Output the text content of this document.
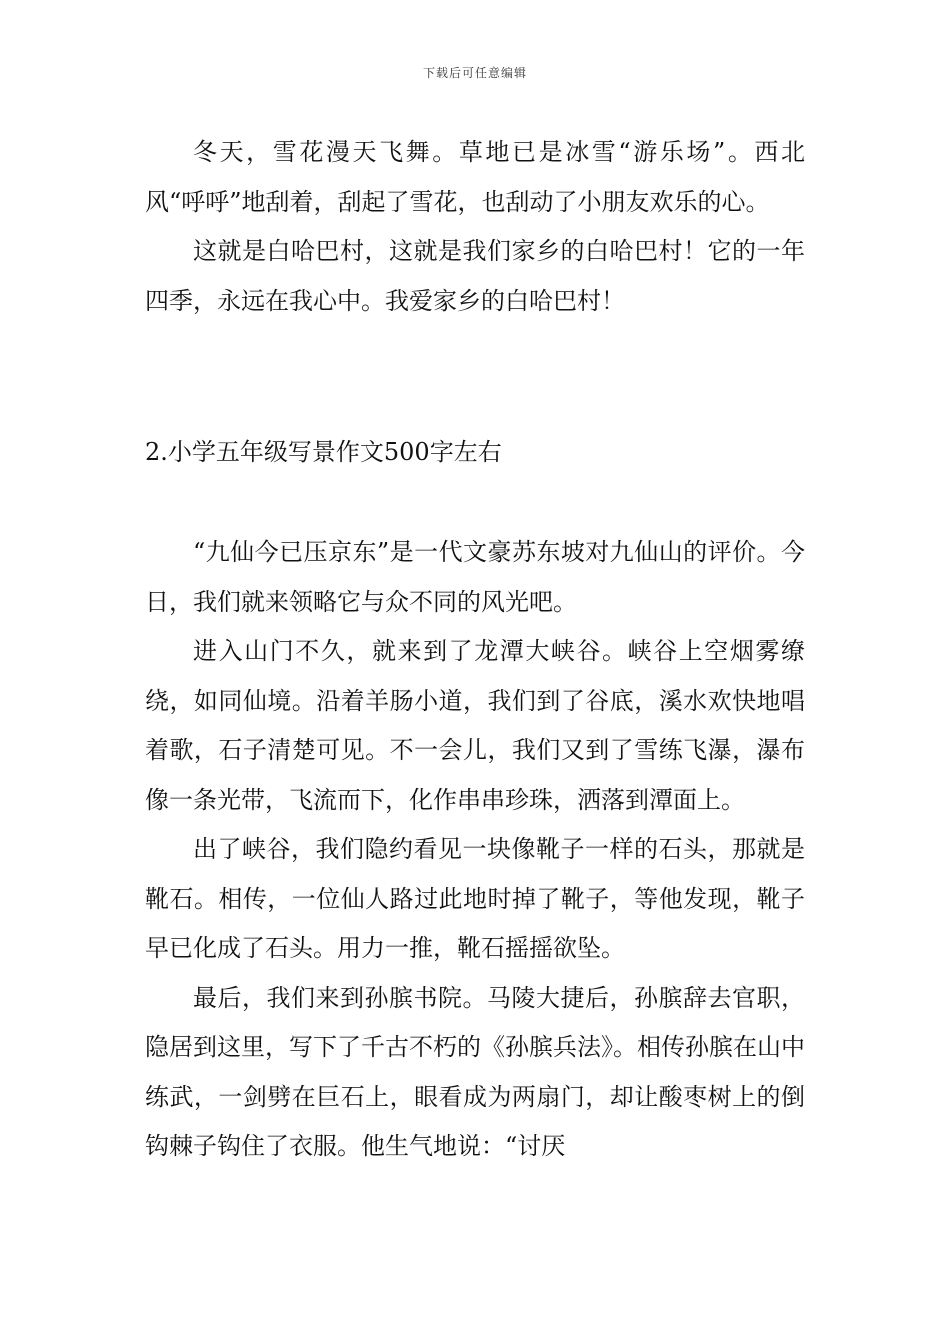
下载后可任意编辑

冬天，雪花漫天飞舞。草地已是冰雪“游乐场”。西北风“呼呼”地刮着，刮起了雪花，也刮动了小朋友欢乐的心。

这就是白哈巴村，这就是我们家乡的白哈巴村！它的一年四季，永远在我心中。我爱家乡的白哈巴村！

2.小学五年级写景作文500字左右

“九仙今已压京东”是一代文豪苏东坡对九仙山的评价。今日，我们就来领略它与众不同的风光吧。

进入山门不久，就来到了龙潭大峡谷。峡谷上空烟雾缭绕，如同仙境。沿着羊肠小道，我们到了谷底，溪水欢快地唱着歌，石子清楚可见。不一会儿，我们又到了雪练飞瀑，瀑布像一条光带，飞流而下，化作串串珍珠，洒落到潭面上。

出了峡谷，我们隐约看见一块像靴子一样的石头，那就是靴石。相传，一位仙人路过此地时掉了靴子，等他发现，靴子早已化成了石头。用力一推，靴石摇摇欲坠。

最后，我们来到孙膑书院。马陵大捷后，孙膑辞去官职，隐居到这里，写下了千古不朽的《孙膑兵法》。相传孙膑在山中练武，一剑劈在巨石上，眼看成为两扇门，却让酸枣树上的倒钩棘子钩住了衣服。他生气地说：“讨厌
